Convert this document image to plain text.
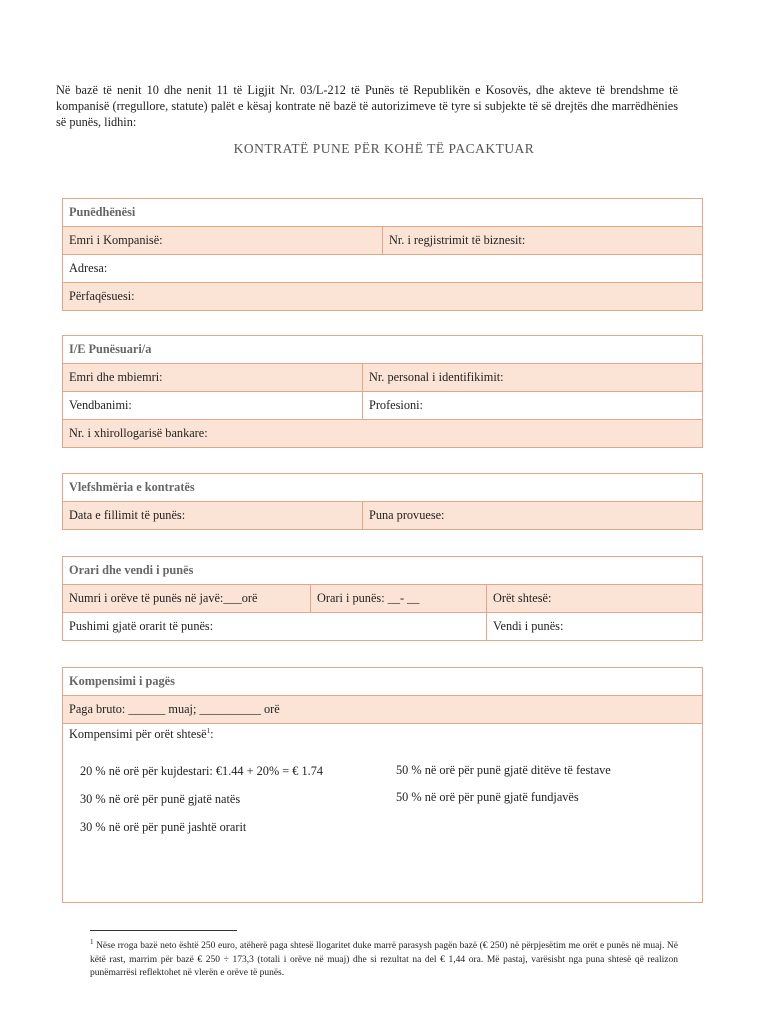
Në bazë të nenit 10 dhe nenit 11 të Ligjit Nr. 03/L-212 të Punës të Republikën e Kosovës, dhe akteve të brendshme të kompanisë (rregullore, statute) palët e kësaj kontrate në bazë të autorizimeve të tyre si subjekte të së drejtës dhe marrëdhënies së punës, lidhin:
KONTRATË PUNE PËR KOHË TË PACAKTUAR
Punëdhënësi
Emri i Kompanisë:	Nr. i regjistrimit të biznesit:
Adresa:
Përfaqësuesi:
I/E Punësuari/a
Emri dhe mbiemri:	Nr. personal i identifikimit:
Vendbanimi:	Profesioni:
Nr. i xhirollogarisë bankare:
Vlefshmëria e kontratës
Data e fillimit të punës:	Puna provuese:
Orari dhe vendi i punës
Numri i orëve të punës në javë:___orë	Orari i punës: __- __	Orët shtesë:
Pushimi gjatë orarit të punës:	Vendi i punës:
Kompensimi i pagës
Paga bruto: ______ muaj; __________ orë
Kompensimi për orët shtesë$^1$:
20 % në orë për kujdestari: €1.44 + 20% = € 1.74
30 % në orë për punë gjatë natës
30 % në orë për punë jashtë orarit
50 % në orë për punë gjatë ditëve të festave
50 % në orë për punë gjatë fundjavës
$^1$ Nëse rroga bazë neto është 250 euro, atëherë paga shtesë llogaritet duke marrë parasysh pagën bazë (€ 250) në përpjesëtim me orët e punës në muaj. Në këtë rast, marrim për bazë € 250 ÷ 173,3 (totali i orëve në muaj) dhe si rezultat na del € 1,44 ora. Më pastaj, varësisht nga puna shtesë që realizon punëmarrësi reflektohet në vlerën e orëve të punës.
